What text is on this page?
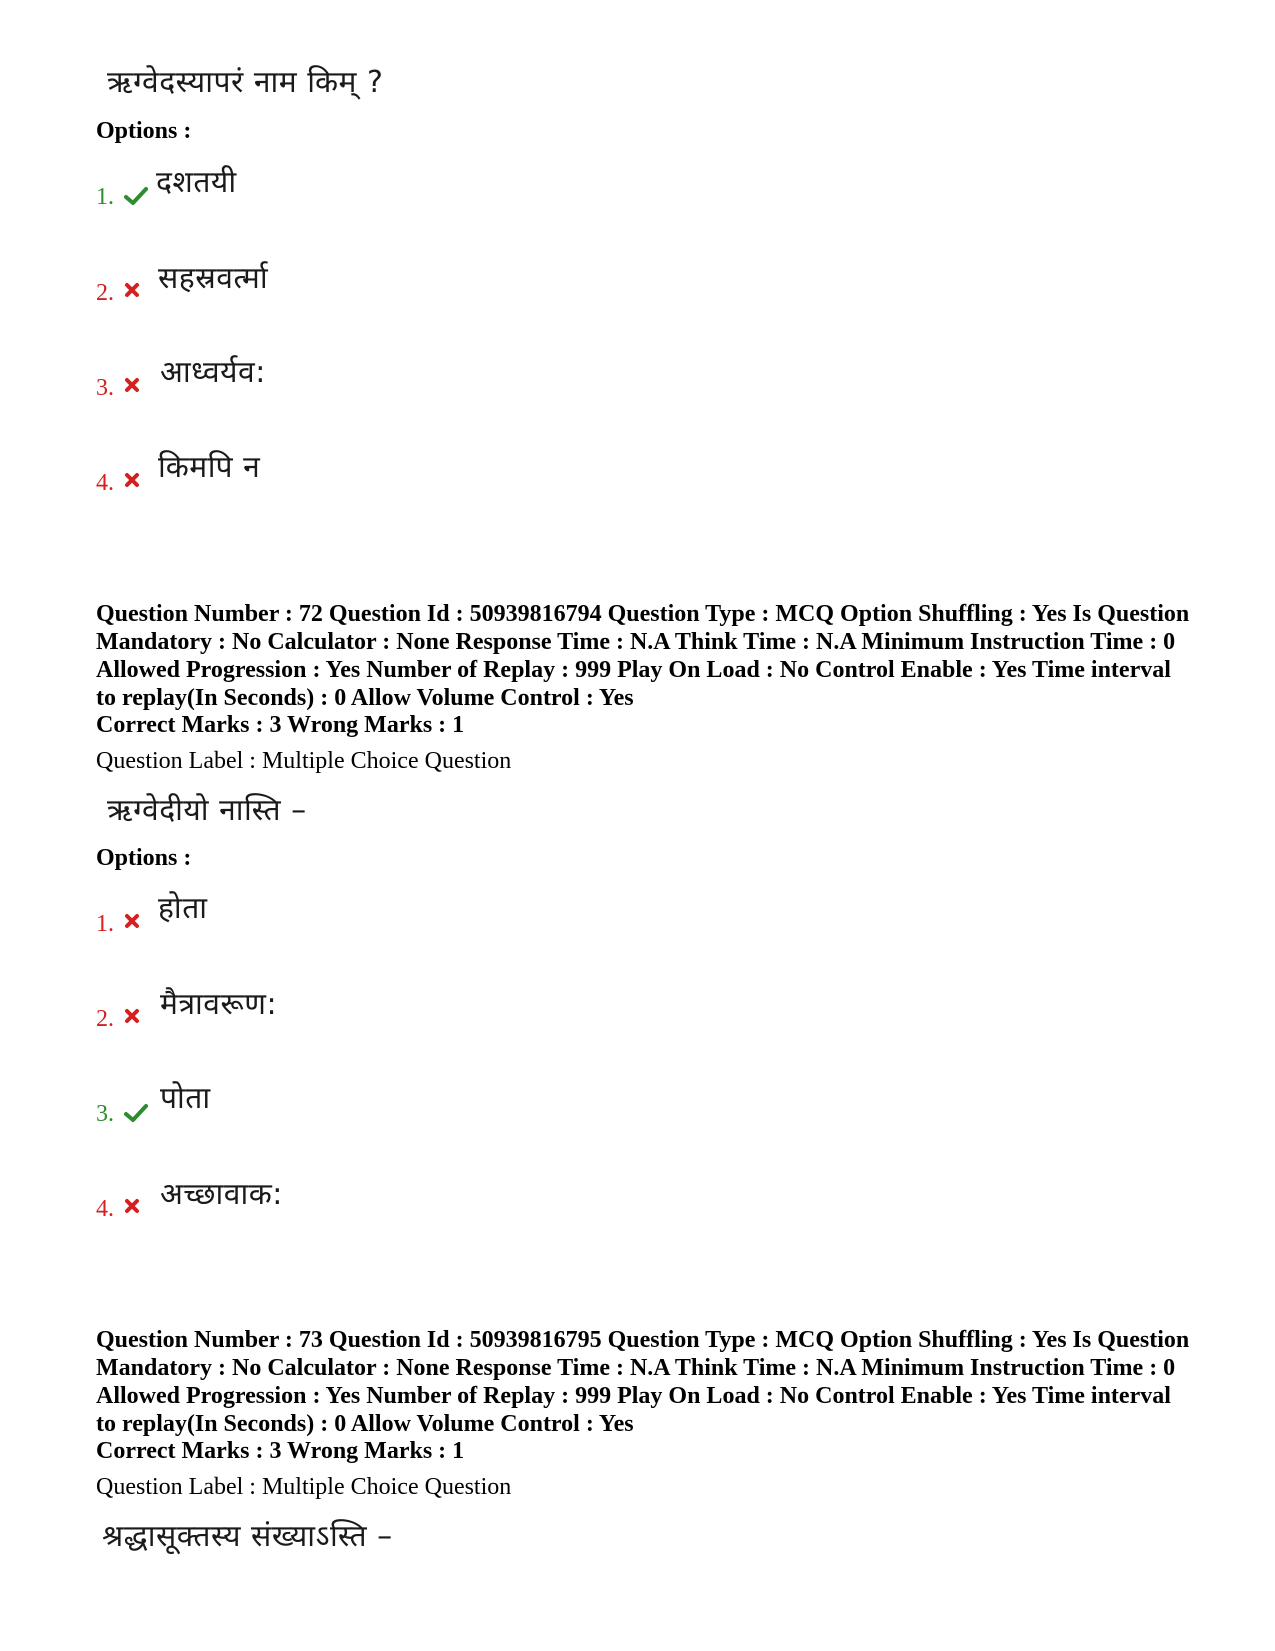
ऋग्वेदस्यापरं नाम किम् ?
Options :
1.	दशतयी
2.	सहस्रवर्त्मा
3.	आध्वर्यव:
4.	किमपि न
Question Number : 72 Question Id : 50939816794 Question Type : MCQ Option Shuffling : Yes Is Question Mandatory : No Calculator : None Response Time : N.A Think Time : N.A Minimum Instruction Time : 0 Allowed Progression : Yes Number of Replay : 999 Play On Load : No Control Enable : Yes Time interval to replay(In Seconds) : 0 Allow Volume Control : Yes
Correct Marks : 3 Wrong Marks : 1
Question Label : Multiple Choice Question
ऋग्वेदीयो नास्ति –
Options :
1.	होता
2.	मैत्रावरूण:
3.	पोता
4.	अच्छावाक:
Question Number : 73 Question Id : 50939816795 Question Type : MCQ Option Shuffling : Yes Is Question Mandatory : No Calculator : None Response Time : N.A Think Time : N.A Minimum Instruction Time : 0 Allowed Progression : Yes Number of Replay : 999 Play On Load : No Control Enable : Yes Time interval to replay(In Seconds) : 0 Allow Volume Control : Yes
Correct Marks : 3 Wrong Marks : 1
Question Label : Multiple Choice Question
श्रद्धासूक्तस्य संख्याऽस्ति –
